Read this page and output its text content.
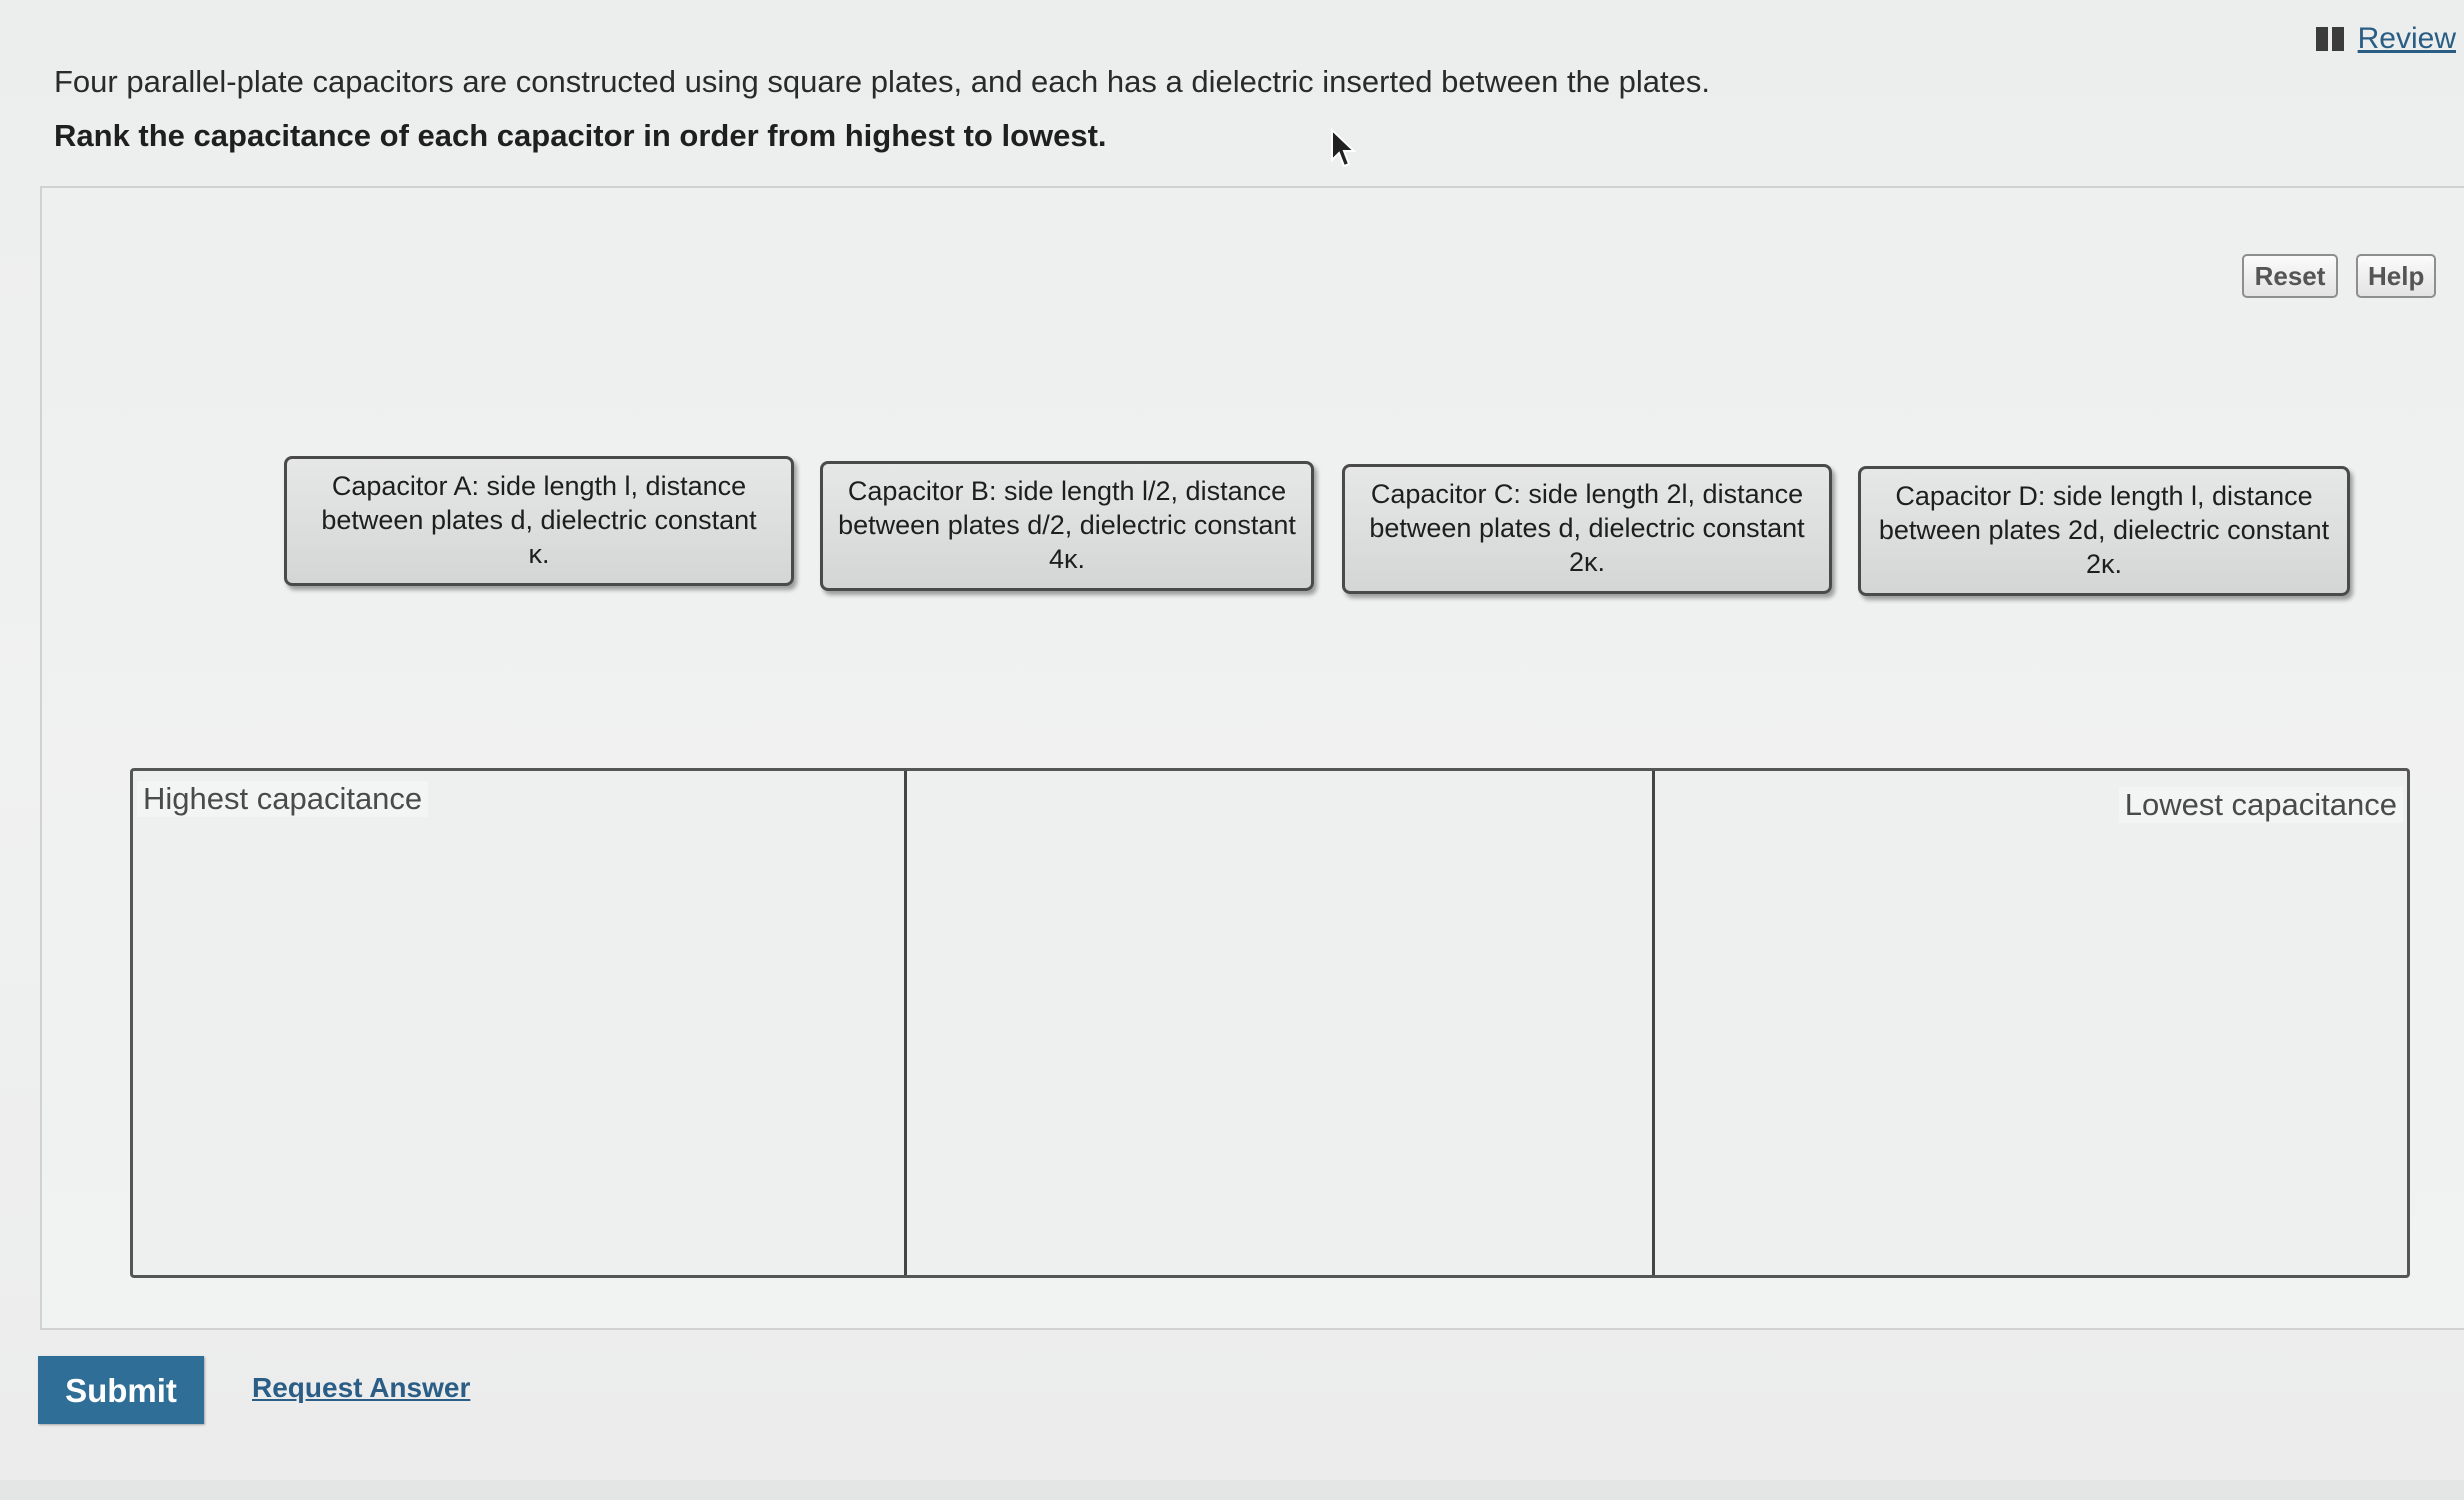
Review

Four parallel-plate capacitors are constructed using square plates, and each has a dielectric inserted between the plates.

Rank the capacitance of each capacitor in order from highest to lowest.

Reset	Help
Capacitor A: side length l, distance
between plates d, dielectric constant
κ.
Capacitor B: side length l/2, distance
between plates d/2, dielectric constant
4κ.
Capacitor C: side length 2l, distance
between plates d, dielectric constant
2κ.
Capacitor D: side length l, distance
between plates 2d, dielectric constant
2κ.
Highest capacitance	Lowest capacitance
Submit	Request Answer
